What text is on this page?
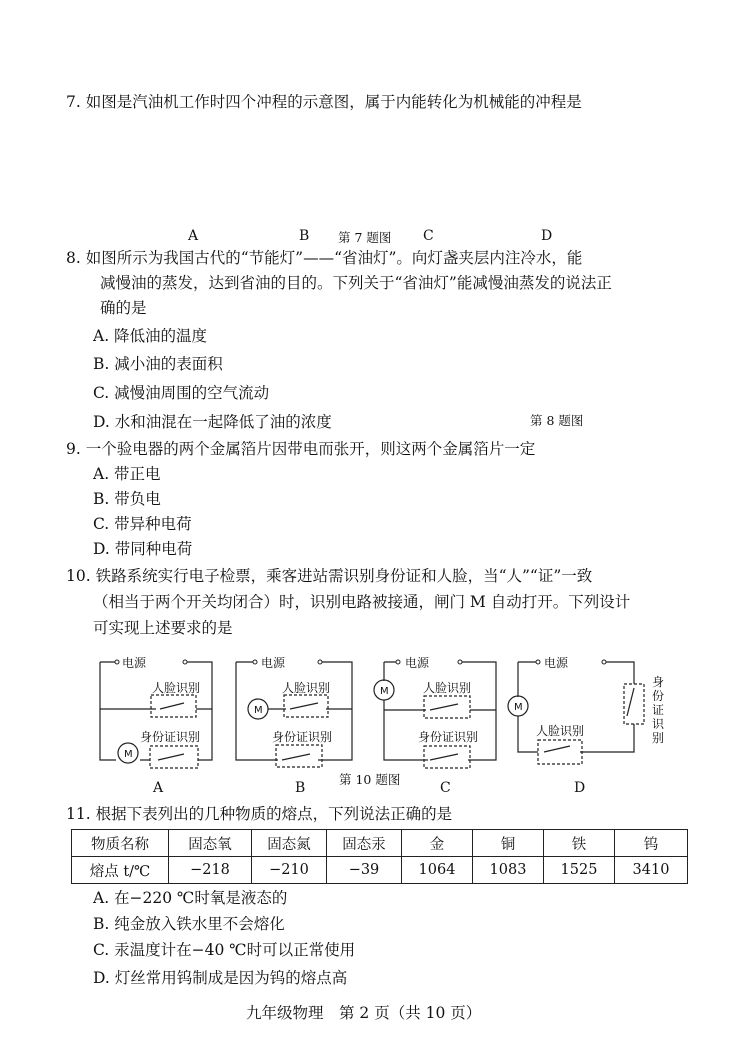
7. 如图是汽油机工作时四个冲程的示意图，属于内能转化为机械能的冲程是
A	B 第 7 题图 C	D
8. 如图所示为我国古代的“节能灯”——“省油灯”。向灯盏夹层内注冷水，能
减慢油的蒸发，达到省油的目的。下列关于“省油灯”能减慢油蒸发的说法正
确的是
A. 降低油的温度
B. 减小油的表面积
C. 减慢油周围的空气流动
D. 水和油混在一起降低了油的浓度	第 8 题图
9. 一个验电器的两个金属箔片因带电而张开，则这两个金属箔片一定
A. 带正电
B. 带负电
C. 带异种电荷
D. 带同种电荷
10. 铁路系统实行电子检票，乘客进站需识别身份证和人脸，当“人”“证”一致
（相当于两个开关均闭合）时，识别电路被接通，闸门 M 自动打开。下列设计
可实现上述要求的是
电源
人脸识别
身份证识别
M
电源
人脸识别
身份证识别
M
电源
人脸识别
身份证识别
M
电源
人脸识别
M
身
份
证
识
别
A	B
第 10 题图
C	D
11. 根据下表列出的几种物质的熔点，下列说法正确的是
物质名称	固态氧	固态氮	固态汞	金	铜	铁	钨
熔点 t/℃	−218	−210	−39	1064	1083	1525	3410
A. 在−220 ℃时氧是液态的
B. 纯金放入铁水里不会熔化
C. 汞温度计在−40 ℃时可以正常使用
D. 灯丝常用钨制成是因为钨的熔点高
九年级物理　第 2 页（共 10 页）
